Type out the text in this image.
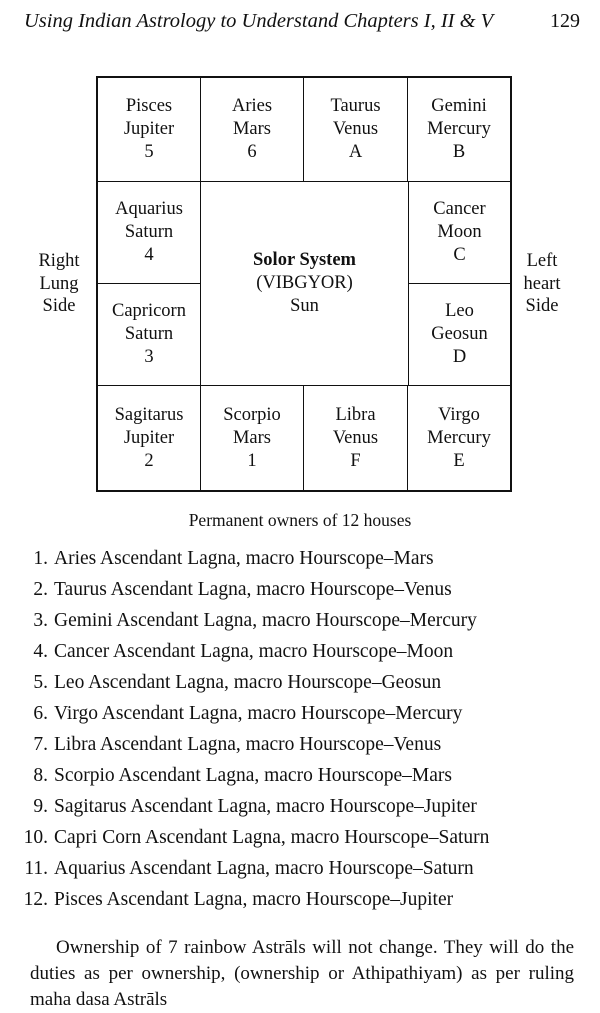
Using Indian Astrology to Understand Chapters I, II & V	129
Right
Lung
Side
Pisces
Jupiter
5
Aries
Mars
6
Taurus
Venus
A
Gemini
Mercury
B
Aquarius
Saturn
4
Capricorn
Saturn
3
Solor System
(VIBGYOR)
Sun
Cancer
Moon
C
Leo
Geosun
D
Sagitarus
Jupiter
2
Scorpio
Mars
1
Libra
Venus
F
Virgo
Mercury
E
Left
heart
Side
Permanent owners of 12 houses
1. Aries Ascendant Lagna, macro Hourscope–Mars
2. Taurus Ascendant Lagna, macro Hourscope–Venus
3. Gemini Ascendant Lagna, macro Hourscope–Mercury
4. Cancer Ascendant Lagna, macro Hourscope–Moon
5. Leo Ascendant Lagna, macro Hourscope–Geosun
6. Virgo Ascendant Lagna, macro Hourscope–Mercury
7. Libra Ascendant Lagna, macro Hourscope–Venus
8. Scorpio Ascendant Lagna, macro Hourscope–Mars
9. Sagitarus Ascendant Lagna, macro Hourscope–Jupiter
10. Capri Corn Ascendant Lagna, macro Hourscope–Saturn
11. Aquarius Ascendant Lagna, macro Hourscope–Saturn
12. Pisces Ascendant Lagna, macro Hourscope–Jupiter

Ownership of 7 rainbow Astrāls will not change. They will do the duties as per ownership, (ownership or Athipathiyam) as per ruling maha dasa Astrāls
